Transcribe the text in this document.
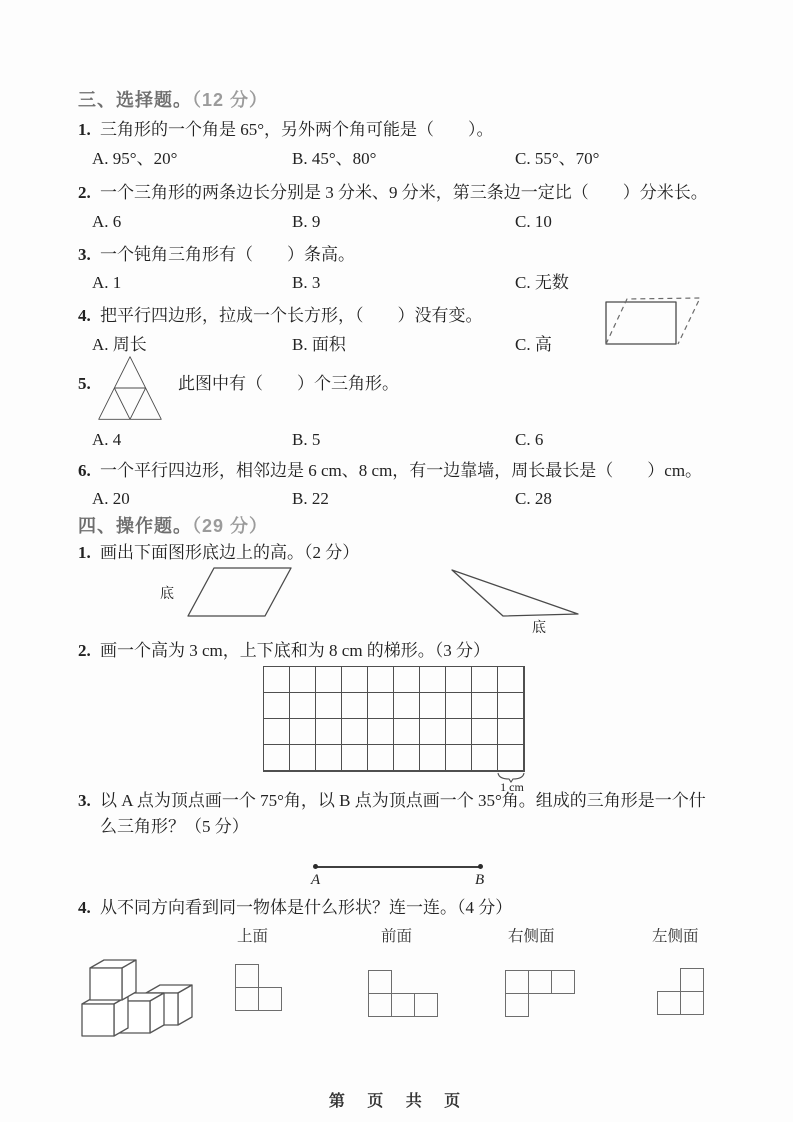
三、选择题。（12 分）
1. 三角形的一个角是 65°，另外两个角可能是（　　）。
A. 95°、20°	B. 45°、80°	C. 55°、70°
2. 一个三角形的两条边长分别是 3 分米、9 分米，第三条边一定比（　　）分米长。
A. 6	B. 9	C. 10
3. 一个钝角三角形有（　　）条高。
A. 1	B. 3	C. 无数
4. 把平行四边形，拉成一个长方形，（　　）没有变。
A. 周长	B. 面积	C. 高
5.	此图中有（　　）个三角形。
A. 4	B. 5	C. 6
6. 一个平行四边形，相邻边是 6 cm、8 cm，有一边靠墙，周长最长是（　　）cm。
A. 20	B. 22	C. 28
四、操作题。（29 分）
1. 画出下面图形底边上的高。（2 分）
底
底
2. 画一个高为 3 cm，上下底和为 8 cm 的梯形。（3 分）
1 cm
3. 以 A 点为顶点画一个 75°角，以 B 点为顶点画一个 35°角。组成的三角形是一个什么三角形？（5 分）
A	B
4. 从不同方向看到同一物体是什么形状？连一连。（4 分）
上面	前面	右侧面	左侧面
第 页 共 页
